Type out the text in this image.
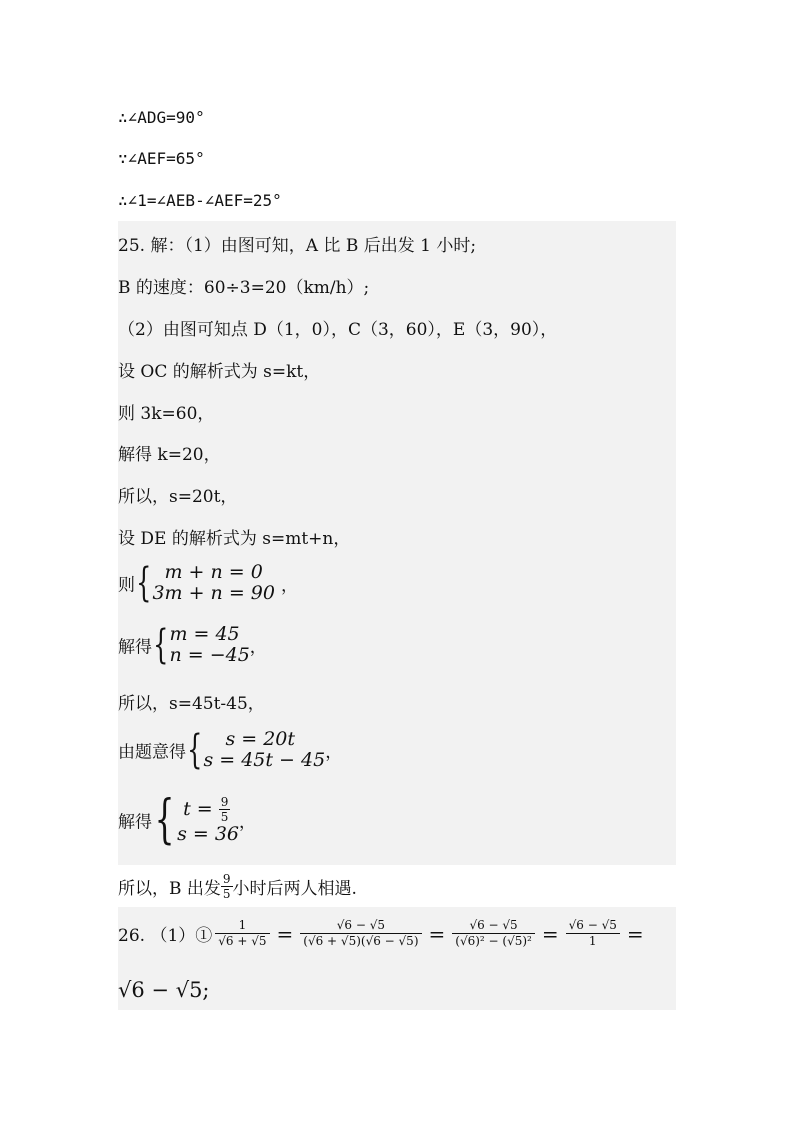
∴∠ADG=90°
∵∠AEF=65°
∴∠1=∠AEB-∠AEF=25°
25. 解：（1）由图可知，A 比 B 后出发 1 小时;
B 的速度：60÷3=20（km/h）;
（2）由图可知点 D（1，0），C（3，60），E（3，90），
设 OC 的解析式为 s=kt，
则 3k=60，
解得 k=20，
所以，s=20t，
设 DE 的解析式为 s=mt+n，
则{ m + n = 0
3m + n = 90 ，
解得{ m = 45
n = −45 ，
所以，s=45t-45，
由题意得{	s = 20t
s = 45t − 45 ，
解得{ $t = \frac{9}{5}$
s = 36
，
所以，B 出发 $\frac{9}{5}$ 小时后两人相遇.
26. （1）① $\frac{1}{√6 + √5} = \frac{√6 - √5}{(√6 + √5)(√6 - √5)} = \frac{√6 - √5}{\text{(√6)² − (√5)²}} = \frac{√6 - √5}{1}$ =
√6 − √5;
